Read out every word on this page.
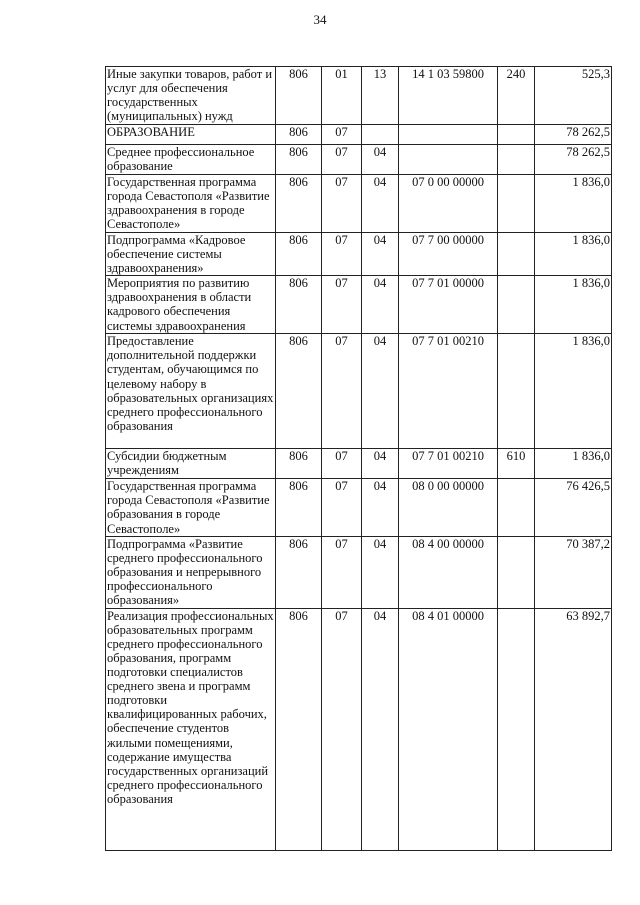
34
Иные закупки товаров, работ и услуг для обеспечения государственных (муниципальных) нужд	806	01	13	14 1 03 59800	240	525,3
ОБРАЗОВАНИЕ	806	07				78 262,5
Среднее профессиональное образование	806	07	04			78 262,5
Государственная программа города Севастополя «Развитие здравоохранения в городе Севастополе»	806	07	04	07 0 00 00000		1 836,0
Подпрограмма «Кадровое обеспечение системы здравоохранения»	806	07	04	07 7 00 00000		1 836,0
Мероприятия по развитию здравоохранения в области кадрового обеспечения системы здравоохранения	806	07	04	07 7 01 00000		1 836,0
Предоставление дополнительной поддержки студентам, обучающимся по целевому набору в образовательных организациях среднего профессионального образования	806	07	04	07 7 01 00210		1 836,0
Субсидии бюджетным учреждениям	806	07	04	07 7 01 00210	610	1 836,0
Государственная программа города Севастополя «Развитие образования в городе Севастополе»	806	07	04	08 0 00 00000		76 426,5
Подпрограмма «Развитие среднего профессионального образования и непрерывного профессионального образования»	806	07	04	08 4 00 00000		70 387,2
Реализация профессиональных образовательных программ среднего профессионального образования, программ подготовки специалистов среднего звена и программ подготовки квалифицированных рабочих, обеспечение студентов жилыми помещениями, содержание имущества государственных организаций среднего профессионального образования	806	07	04	08 4 01 00000		63 892,7
